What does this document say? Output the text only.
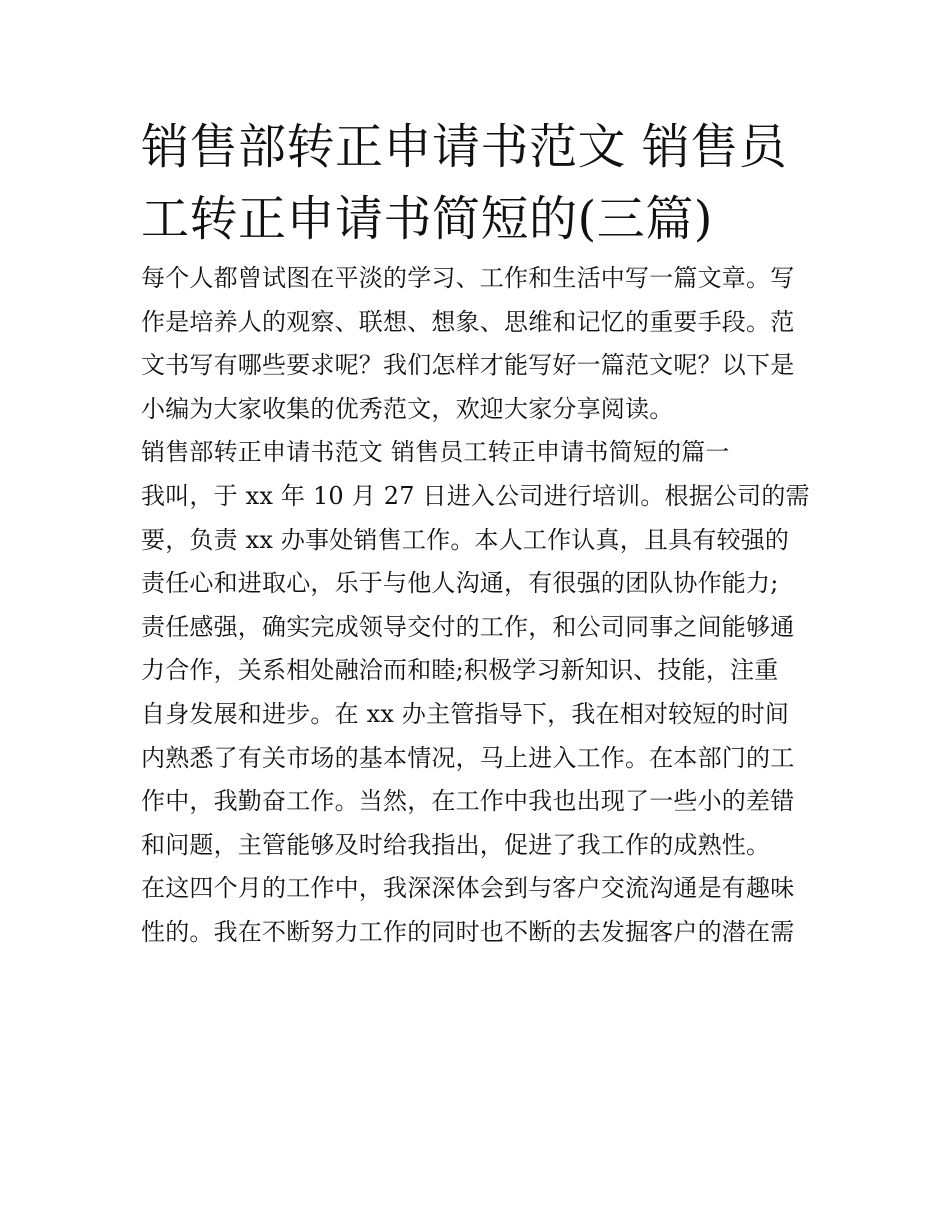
销售部转正申请书范文 销售员
工转正申请书简短的(三篇)
每个人都曾试图在平淡的学习、工作和生活中写一篇文章。写
作是培养人的观察、联想、想象、思维和记忆的重要手段。范
文书写有哪些要求呢？我们怎样才能写好一篇范文呢？以下是
小编为大家收集的优秀范文，欢迎大家分享阅读。
销售部转正申请书范文 销售员工转正申请书简短的篇一
我叫，于 xx 年 10 月 27 日进入公司进行培训。根据公司的需
要，负责 xx 办事处销售工作。本人工作认真，且具有较强的
责任心和进取心，乐于与他人沟通，有很强的团队协作能力;
责任感强，确实完成领导交付的工作，和公司同事之间能够通
力合作，关系相处融洽而和睦;积极学习新知识、技能，注重
自身发展和进步。在 xx 办主管指导下，我在相对较短的时间
内熟悉了有关市场的基本情况，马上进入工作。在本部门的工
作中，我勤奋工作。当然，在工作中我也出现了一些小的差错
和问题，主管能够及时给我指出，促进了我工作的成熟性。
在这四个月的工作中，我深深体会到与客户交流沟通是有趣味
性的。我在不断努力工作的同时也不断的去发掘客户的潜在需
